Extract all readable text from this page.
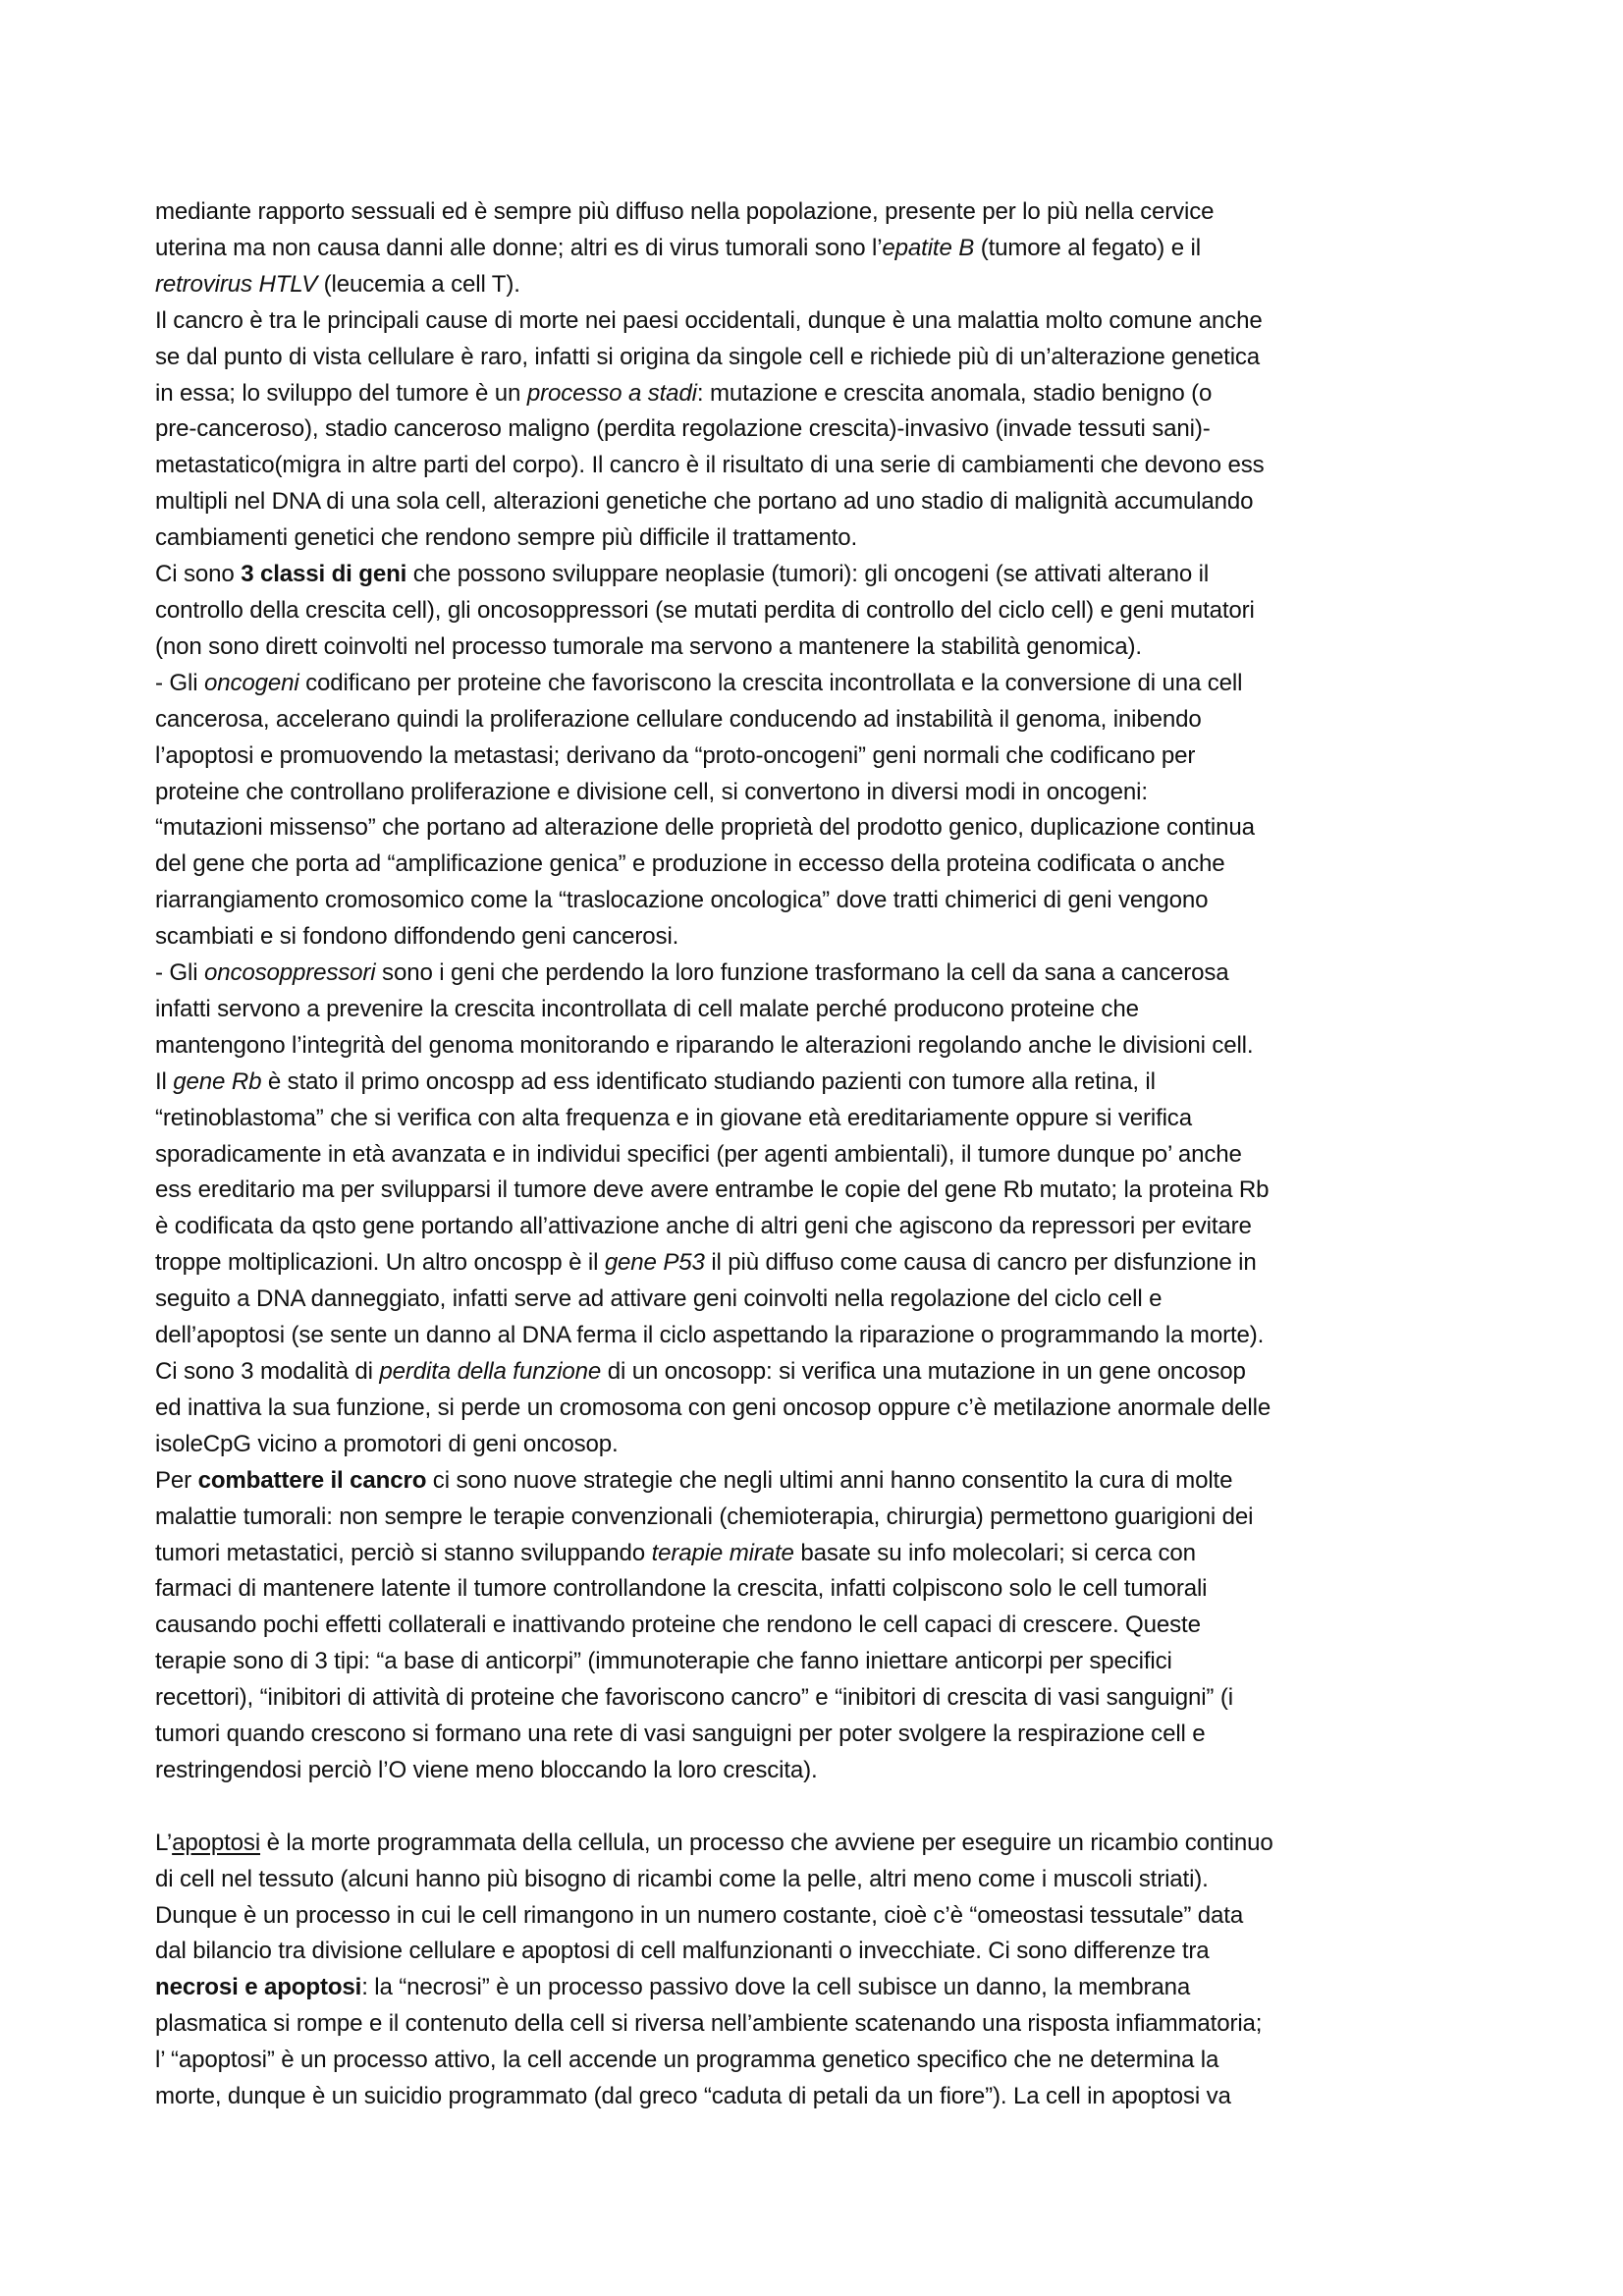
mediante rapporto sessuali ed è sempre più diffuso nella popolazione, presente per lo più nella cervice
uterina ma non causa danni alle donne; altri es di virus tumorali sono l’epatite B (tumore al fegato) e il
retrovirus HTLV (leucemia a cell T).

Il cancro è tra le principali cause di morte nei paesi occidentali, dunque è una malattia molto comune anche
se dal punto di vista cellulare è raro, infatti si origina da singole cell e richiede più di un’alterazione genetica
in essa; lo sviluppo del tumore è un processo a stadi: mutazione e crescita anomala, stadio benigno (o
pre-canceroso), stadio canceroso maligno (perdita regolazione crescita)-invasivo (invade tessuti sani)-
metastatico(migra in altre parti del corpo). Il cancro è il risultato di una serie di cambiamenti che devono ess
multipli nel DNA di una sola cell, alterazioni genetiche che portano ad uno stadio di malignità accumulando
cambiamenti genetici che rendono sempre più difficile il trattamento.

Ci sono 3 classi di geni che possono sviluppare neoplasie (tumori): gli oncogeni (se attivati alterano il
controllo della crescita cell), gli oncosoppressori (se mutati perdita di controllo del ciclo cell) e geni mutatori
(non sono dirett coinvolti nel processo tumorale ma servono a mantenere la stabilità genomica).

- Gli oncogeni codificano per proteine che favoriscono la crescita incontrollata e la conversione di una cell
cancerosa, accelerano quindi la proliferazione cellulare conducendo ad instabilità il genoma, inibendo
l’apoptosi e promuovendo la metastasi; derivano da “proto-oncogeni” geni normali che codificano per
proteine che controllano proliferazione e divisione cell, si convertono in diversi modi in oncogeni:
“mutazioni missenso” che portano ad alterazione delle proprietà del prodotto genico, duplicazione continua
del gene che porta ad “amplificazione genica” e produzione in eccesso della proteina codificata o anche
riarrangiamento cromosomico come la “traslocazione oncologica” dove tratti chimerici di geni vengono
scambiati e si fondono diffondendo geni cancerosi.

- Gli oncosoppressori sono i geni che perdendo la loro funzione trasformano la cell da sana a cancerosa
infatti servono a prevenire la crescita incontrollata di cell malate perché producono proteine che
mantengono l’integrità del genoma monitorando e riparando le alterazioni regolando anche le divisioni cell.
Il gene Rb è stato il primo oncospp ad ess identificato studiando pazienti con tumore alla retina, il
“retinoblastoma” che si verifica con alta frequenza e in giovane età ereditariamente oppure si verifica
sporadicamente in età avanzata e in individui specifici (per agenti ambientali), il tumore dunque po’ anche
ess ereditario ma per svilupparsi il tumore deve avere entrambe le copie del gene Rb mutato; la proteina Rb
è codificata da qsto gene portando all’attivazione anche di altri geni che agiscono da repressori per evitare
troppe moltiplicazioni. Un altro oncospp è il gene P53 il più diffuso come causa di cancro per disfunzione in
seguito a DNA danneggiato, infatti serve ad attivare geni coinvolti nella regolazione del ciclo cell e
dell’apoptosi (se sente un danno al DNA ferma il ciclo aspettando la riparazione o programmando la morte).

Ci sono 3 modalità di perdita della funzione di un oncosopp: si verifica una mutazione in un gene oncosop
ed inattiva la sua funzione, si perde un cromosoma con geni oncosop oppure c’è metilazione anormale delle
isoleCpG vicino a promotori di geni oncosop.

Per combattere il cancro ci sono nuove strategie che negli ultimi anni hanno consentito la cura di molte
malattie tumorali: non sempre le terapie convenzionali (chemioterapia, chirurgia) permettono guarigioni dei
tumori metastatici, perciò si stanno sviluppando terapie mirate basate su info molecolari; si cerca con
farmaci di mantenere latente il tumore controllandone la crescita, infatti colpiscono solo le cell tumorali
causando pochi effetti collaterali e inattivando proteine che rendono le cell capaci di crescere. Queste
terapie sono di 3 tipi: “a base di anticorpi” (immunoterapie che fanno iniettare anticorpi per specifici
recettori), “inibitori di attività di proteine che favoriscono cancro” e “inibitori di crescita di vasi sanguigni” (i
tumori quando crescono si formano una rete di vasi sanguigni per poter svolgere la respirazione cell e
restringendosi perciò l’O viene meno bloccando la loro crescita).

L’apoptosi è la morte programmata della cellula, un processo che avviene per eseguire un ricambio continuo
di cell nel tessuto (alcuni hanno più bisogno di ricambi come la pelle, altri meno come i muscoli striati).
Dunque è un processo in cui le cell rimangono in un numero costante, cioè c’è “omeostasi tessutale” data
dal bilancio tra divisione cellulare e apoptosi di cell malfunzionanti o invecchiate. Ci sono differenze tra
necrosi e apoptosi: la “necrosi” è un processo passivo dove la cell subisce un danno, la membrana
plasmatica si rompe e il contenuto della cell si riversa nell’ambiente scatenando una risposta infiammatoria;
l’ “apoptosi” è un processo attivo, la cell accende un programma genetico specifico che ne determina la
morte, dunque è un suicidio programmato (dal greco “caduta di petali da un fiore”). La cell in apoptosi va
